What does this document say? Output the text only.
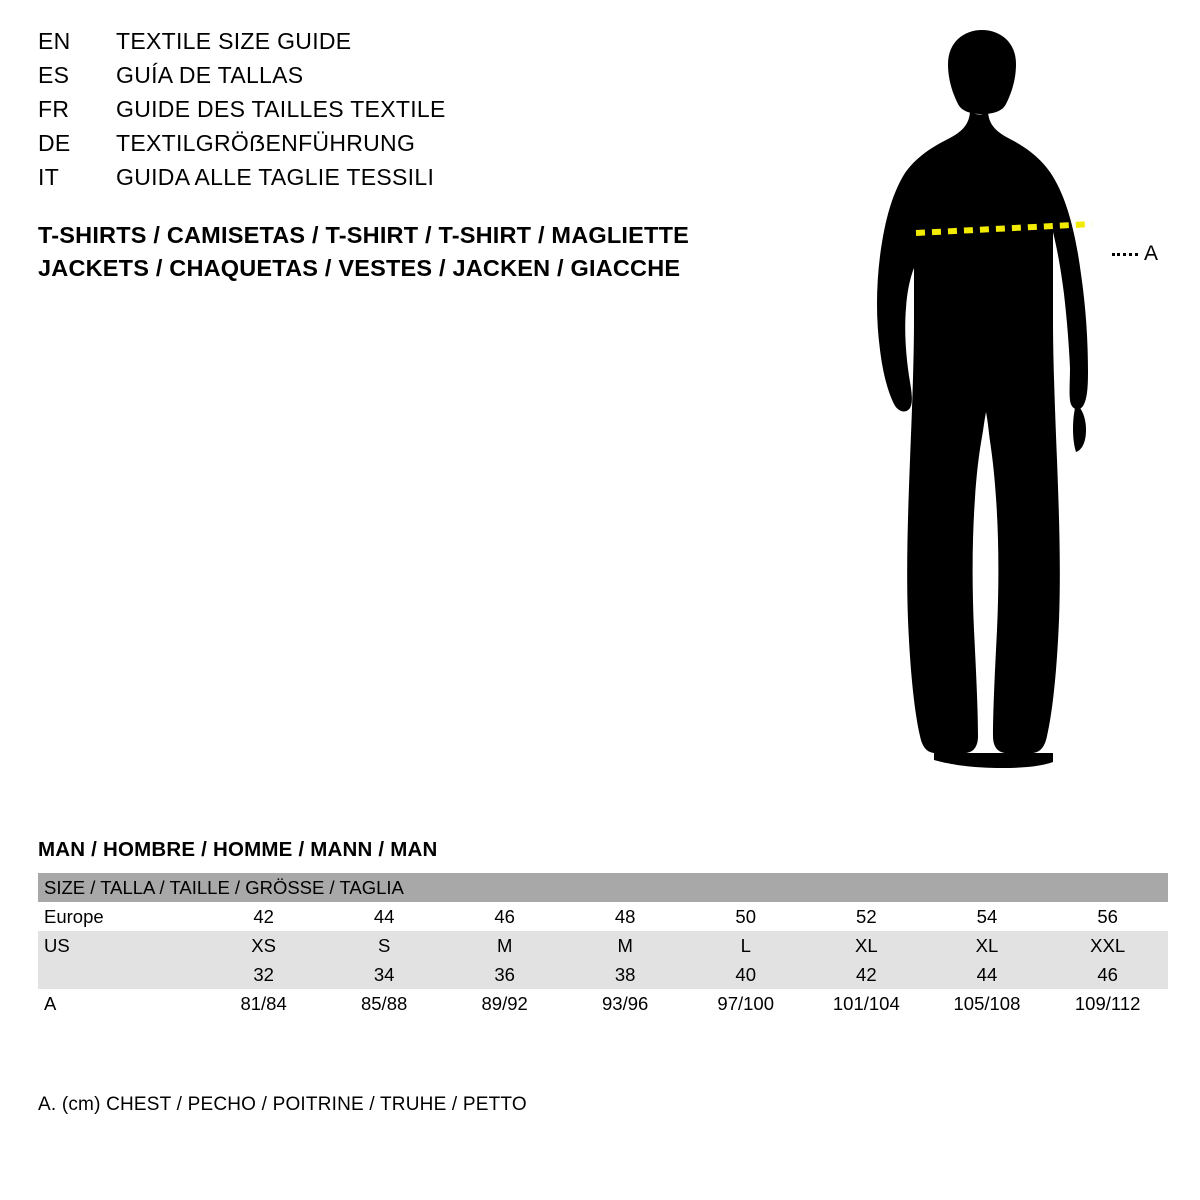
EN	TEXTILE SIZE GUIDE
ES	GUÍA DE TALLAS
FR	GUIDE DES TAILLES TEXTILE
DE	TEXTILGRÖẞENFÜHRUNG
IT	GUIDA ALLE TAGLIE TESSILI
T-SHIRTS / CAMISETAS / T-SHIRT / T-SHIRT / MAGLIETTE
JACKETS / CHAQUETAS / VESTES / JACKEN / GIACCHE
A
MAN / HOMBRE / HOMME / MANN / MAN
SIZE / TALLA / TAILLE / GRÖSSE / TAGLIA								
Europe	42	44	46	48	50	52	54	56
US	XS	S	M	M	L	XL	XL	XXL
	32	34	36	38	40	42	44	46
A	81/84	85/88	89/92	93/96	97/100	101/104	105/108	109/112
A. (cm) CHEST / PECHO / POITRINE / TRUHE / PETTO
